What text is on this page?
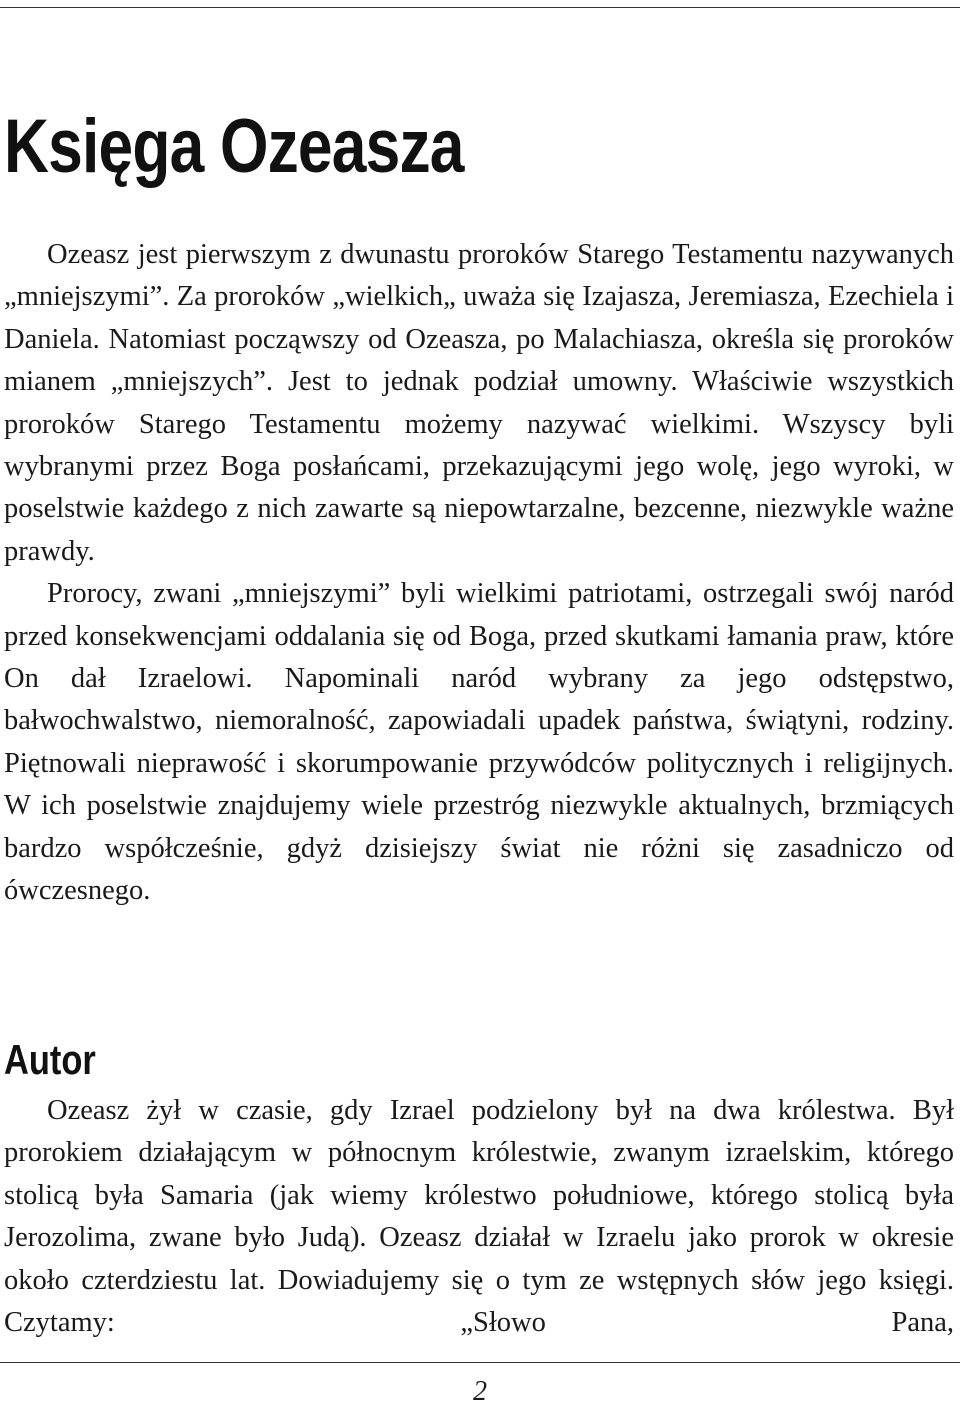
Księga Ozeasza

Ozeasz jest pierwszym z dwunastu proroków Starego Testamentu nazywanych „mniejszymi”. Za proroków „wielkich„ uważa się Izajasza, Jeremiasza, Ezechiela i Daniela. Natomiast począwszy od Ozeasza, po Malachiasza, określa się proroków mianem „mniejszych”. Jest to jednak podział umowny. Właściwie wszystkich proroków Starego Testamentu możemy nazywać wielkimi. Wszyscy byli wybranymi przez Boga posłańcami, przekazującymi jego wolę, jego wyroki, w poselstwie każdego z nich zawarte są niepowtarzalne, bezcenne, niezwykle ważne prawdy.

Prorocy, zwani „mniejszymi” byli wielkimi patriotami, ostrzegali swój naród przed konsekwencjami oddalania się od Boga, przed skutkami łamania praw, które On dał Izraelowi. Napominali naród wybrany za jego odstępstwo, bałwochwalstwo, niemoralność, zapowiadali upadek państwa, świątyni, rodziny. Piętnowali nieprawość i skorumpowanie przywódców politycznych i religijnych. W ich poselstwie znajdujemy wiele przestróg niezwykle aktualnych, brzmiących bardzo współcześnie, gdyż dzisiejszy świat nie różni się zasadniczo od ówczesnego.

Autor

Ozeasz żył w czasie, gdy Izrael podzielony był na dwa królestwa. Był prorokiem działającym w północnym królestwie, zwanym izraelskim, którego stolicą była Samaria (jak wiemy królestwo południowe, którego stolicą była Jerozolima, zwane było Judą). Ozeasz działał w Izraelu jako prorok w okresie około czterdziestu lat. Dowiadujemy się o tym ze wstępnych słów jego księgi. Czytamy: „Słowo Pana,

2
